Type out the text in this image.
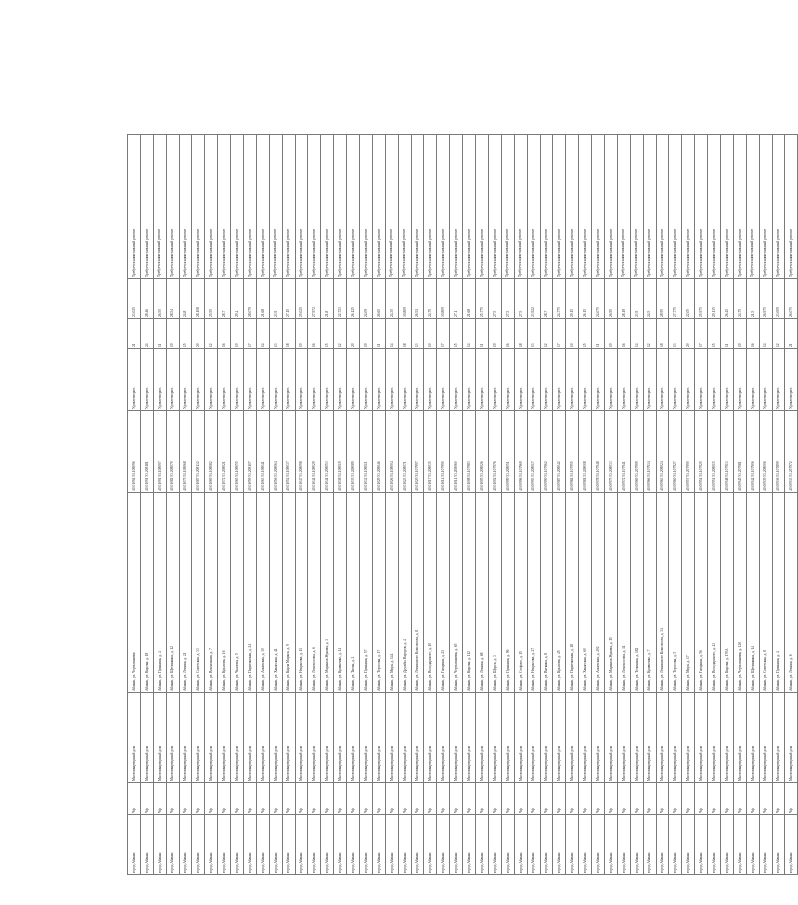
город Абакан	Чф	Многоквартирный дом	Абакан, ул. Чертыгашева	40.01094 51.108096	Удовлетворит.	21	23.025	Требуется капитальный ремонт
город Абакан	Чф	Многоквартирный дом	Абакан, ул. Кирова, д. 18	40.01091 53.208181	Удовлетворит.	24	28.46	Требуется капитальный ремонт
город Абакан	Чф	Многоквартирный дом	Абакан, ул. Пушкина, д. 4	40.01091 51.108097	Удовлетворит.	11	26.55	Требуется капитальный ремонт
город Абакан	Чф	Многоквартирный дом	Абакан, ул. Щетинкина, д. 12	40.01082 53.208070	Удовлетворит.	19	28.54	Требуется капитальный ремонт
город Абакан	Чф	Многоквартирный дом	Абакан, ул. Ленина, д. 21	40.01075 51.108068	Удовлетворит.	15	24.8	Требуется капитальный ремонт
город Абакан	Чф	Многоквартирный дом	Абакан, ул. Советская, д. 33	40.01087 53.208132	Удовлетворит.	20	28.108	Требуется капитальный ремонт
город Абакан	Чф	Многоквартирный дом	Абакан, ул. Вокзальная, д. 7	40.01069 51.108082	Удовлетворит.	12	25.55	Требуется капитальный ремонт
город Абакан	Чф	Многоквартирный дом	Абакан, ул. Крылова, д. 16	40.01072 53.208021	Удовлетворит.	16	28.7	Требуется капитальный ремонт
город Абакан	Чф	Многоквартирный дом	Абакан, ул. Чкалова, д. 5	40.01065 51.108055	Удовлетворит.	10	29.4	Требуется капитальный ремонт
город Абакан	Чф	Многоквартирный дом	Абакан, ул. Пирятинская, д. 24	40.01059 53.208107	Удовлетворит.	17	28.079	Требуется капитальный ремонт
город Абакан	Чф	Многоквартирный дом	Абакан, ул. Аскизская, д. 30	40.01063 51.108041	Удовлетворит.	14	21.68	Требуется капитальный ремонт
город Абакан	Чф	Многоквартирный дом	Абакан, ул. Хакасская, д. 41	40.01056 53.208064	Удовлетворит.	13	23.9	Требуется капитальный ремонт
город Абакан	Чф	Многоквартирный дом	Абакан, ул. Карла Маркса, д. 9	40.01052 51.108037	Удовлетворит.	18	27.15	Требуется капитальный ремонт
город Абакан	Чф	Многоквартирный дом	Абакан, ул. Некрасова, д. 11	40.01047 53.208098	Удовлетворит.	19	25.025	Требуется капитальный ремонт
город Абакан	Чф	Многоквартирный дом	Абакан, ул. Ломоносова, д. 6	40.01044 51.108029	Удовлетворит.	16	27.972	Требуется капитальный ремонт
город Абакан	Чф	Многоквартирный дом	Абакан, ул. Маршала Жукова, д. 3	40.01041 53.208053	Удовлетворит.	15	21.8	Требуется капитальный ремонт
город Абакан	Чф	Многоквартирный дом	Абакан, ул. Кравченко, д. 14	40.01038 51.108019	Удовлетворит.	12	22.723	Требуется капитальный ремонт
город Абакан	Чф	Многоквартирный дом	Абакан, ул. Тихая, д. 2	40.01035 53.208089	Удовлетворит.	20	26.125	Требуется капитальный ремонт
город Абакан	Чф	Многоквартирный дом	Абакан, ул. Пушкина, д. 57	40.01032 51.108011	Удовлетворит.	19	24.09	Требуется капитальный ремонт
город Абакан	Чф	Многоквартирный дом	Абакан, ул. Торосова, д. 17	40.01029 53.208046	Удовлетворит.	11	26.65	Требуется капитальный ремонт
город Абакан	Чф	Многоквартирный дом	Абакан, ул. Мира, д. 144	40.01026 51.108004	Удовлетворит.	14	24.35	Требуется капитальный ремонт
город Абакан	Чф	Многоквартирный дом	Абакан, ул. Дружбы Народов, д. 4	40.01023 53.208071	Удовлетворит.	18	30.809	Требуется капитальный ремонт
город Абакан	Чф	Многоквартирный дом	Абакан, ул. Ленинского Комсомола, д. 8	40.01020 51.107997	Удовлетворит.	13	26.52	Требуется капитальный ремонт
город Абакан	Чф	Многоквартирный дом	Абакан, ул. Володарского, д. 10	40.01017 53.208035	Удовлетворит.	10	24.75	Требуется капитальный ремонт
город Абакан	Чф	Многоквартирный дом	Абакан, ул. Гагарина, д. 21	40.01014 51.107990	Удовлетворит.	17	30.809	Требуется капитальный ремонт
город Абакан	Чф	Многоквартирный дом	Абакан, ул. Чертыгашева, д. 65	40.01011 53.208060	Удовлетворит.	15	27.1	Требуется капитальный ремонт
город Абакан	Чф	Многоквартирный дом	Абакан, ул. Кирова, д. 112	40.01008 51.107983	Удовлетворит.	14	21.68	Требуется капитальный ремонт
город Абакан	Чф	Многоквартирный дом	Абакан, ул. Ленина, д. 68	40.01005 53.208026	Удовлетворит.	11	25.775	Требуется капитальный ремонт
город Абакан	Чф	Многоквартирный дом	Абакан, ул. Щорса, д. 3	40.01002 51.107976	Удовлетворит.	19	27.5	Требуется капитальный ремонт
город Абакан	Чф	Многоквартирный дом	Абакан, ул. Пушкина, д. 96	40.00999 53.208051	Удовлетворит.	16	27.5	Требуется капитальный ремонт
город Абакан	Чф	Многоквартирный дом	Абакан, ул. Стофато, д. 15	40.00996 51.107969	Удовлетворит.	18	27.5	Требуется капитальный ремонт
город Абакан	Чф	Многоквартирный дом	Абакан, ул. Некрасова, д. 27	40.00993 53.208017	Удовлетворит.	13	23.922	Требуется капитальный ремонт
город Абакан	Чф	Многоквартирный дом	Абакан, ул. Вяткина, д. 8	40.00990 51.107962	Удовлетворит.	12	28.7	Требуется капитальный ремонт
город Абакан	Чф	Многоквартирный дом	Абакан, ул. Крылова, д. 45	40.00987 53.208042	Удовлетворит.	17	24.775	Требуется капитальный ремонт
город Абакан	Чф	Многоквартирный дом	Абакан, ул. Пирятинская, д. 18	40.00984 51.107955	Удовлетворит.	10	29.15	Требуется капитальный ремонт
город Абакан	Чф	Многоквартирный дом	Абакан, ул. Хакасская, д. 60	40.00981 53.208008	Удовлетворит.	15	26.15	Требуется капитальный ремонт
город Абакан	Чф	Многоквартирный дом	Абакан, ул. Аскизская, д. 202	40.00978 51.107948	Удовлетворит.	11	24.075	Требуется капитальный ремонт
город Абакан	Чф	Многоквартирный дом	Абакан, ул. Маршала Жукова, д. 15	40.00975 53.208033	Удовлетворит.	19	26.95	Требуется капитальный ремонт
город Абакан	Чф	Многоквартирный дом	Абакан, ул. Ломоносова, д. 11	40.00972 51.107941	Удовлетворит.	16	28.19	Требуется капитальный ремонт
город Абакан	Чф	Многоквартирный дом	Абакан, ул. Тельмана, д. 182	40.00969 53.207999	Удовлетворит.	14	23.9	Требуется капитальный ремонт
город Абакан	Чф	Многоквартирный дом	Абакан, ул. Кравченко, д. 7	40.00966 51.107934	Удовлетворит.	12	24.5	Требуется капитальный ремонт
город Абакан	Чф	Многоквартирный дом	Абакан, ул. Ленинского Комсомола, д. 34	40.00963 53.208024	Удовлетворит.	18	28.95	Требуется капитальный ремонт
город Абакан	Чф	Многоквартирный дом	Абакан, ул. Торосова, д. 5	40.00960 51.107927	Удовлетворит.	13	27.775	Требуется капитальный ремонт
город Абакан	Чф	Многоквартирный дом	Абакан, ул. Мира, д. 17	40.00957 53.207990	Удовлетворит.	20	22.05	Требуется капитальный ремонт
город Абакан	Чф	Многоквартирный дом	Абакан, ул. Гагарина, д. 56	40.00954 51.107920	Удовлетворит.	17	25.975	Требуется капитальный ремонт
город Абакан	Чф	Многоквартирный дом	Абакан, ул. Володарского, д. 43	40.00951 53.208015	Удовлетворит.	15	29.135	Требуется капитальный ремонт
город Абакан	Чф	Многоквартирный дом	Абакан, ул. Кирова, д. 170А	40.00948 51.107913	Удовлетворит.	11	26.45	Требуется капитальный ремонт
город Абакан	Чф	Многоквартирный дом	Абакан, ул. Чертыгашева, д. 120	40.00945 53.207981	Удовлетворит.	19	24.75	Требуется капитальный ремонт
город Абакан	Чф	Многоквартирный дом	Абакан, ул. Щетинкина, д. 14	40.00942 51.107906	Удовлетворит.	16	21.5	Требуется капитальный ремонт
город Абакан	Чф	Многоквартирный дом	Абакан, ул. Советская, д. 8	40.00939 53.208006	Удовлетворит.	14	26.975	Требуется капитальный ремонт
город Абакан	Чф	Многоквартирный дом	Абакан, ул. Пушкина, д. 4	40.00936 51.107899	Удовлетворит.	12	23.009	Требуется капитальный ремонт
город Абакан	Чф	Многоквартирный дом	Абакан, ул. Ленина, д. 6	40.00933 53.207972	Удовлетворит.	21	26.075	Требуется капитальный ремонт
